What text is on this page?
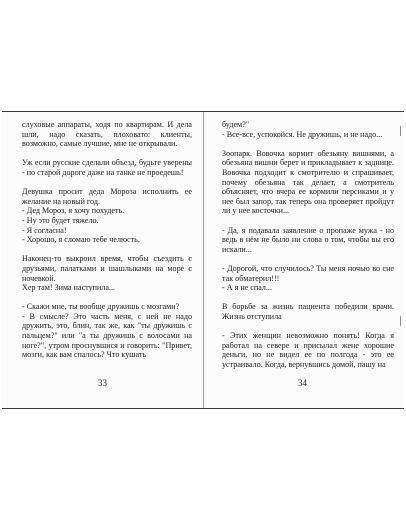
слуховые аппараты, ходя по квартирам. И дела шли, надо сказать, плоховато: клиенты, возможно, самые лучшие, мне не открывали.

Уж если русские сделали объезд, будьте уверены - по старой дороге даже на танке не проедешь!

Девушка просит деда Мороза исполнить ее желание на новый год.
- Дед Мороз, я хочу похудеть.
- Ну это будет тяжело.
- Я согласна!
- Хорошо, я сломаю тебе челюсть.

Наконец-то выкроил время, чтобы съездить с друзьями, палатками и шашлыками на море с ночевкой.
Хер там! Зима наступила...

- Скажи мне, ты вообще дружишь с мозгами?
- В смысле? Это часть меня, с ней не надо дружить, это, блин, так же, как "ты дружишь с пальцем?" или "а ты дружишь с волосами на ноге?", утром проснувшися и говорить: "Привет, мозги, как вам спалось? Что кушать

будем?"
- Все-все, успокойся. Не дружишь, и не надо...

Зоопарк. Вовочка кормит обезьяну вишнями, а обезьяна вишни берет и прикладывает к заднице. Вовочка подходит к смотрителю и спрашивает, почему обезьяна так делает, а смотритель объясняет, что вчера ее кормили персиками и у нее был запор, так теперь она проверяет пройдут ли у нее косточки...

- Да, я подавала заявление о пропаже мужа - но ведь в нём не было ни слова о том, чтобы вы его искали...

- Дорогой, что случилось? Ты меня ночью во сне так обматерил!!!
- А я не спал...

В борьбе за жизнь пациента победили врачи. Жизнь отступила

- Этих женщин невозможно понять! Когда я работал на севере и присылал жене хорошие деньги, но не видел ее по полгода - это ее устраивало. Когда, вернувшись домой, пашу на

33	34
